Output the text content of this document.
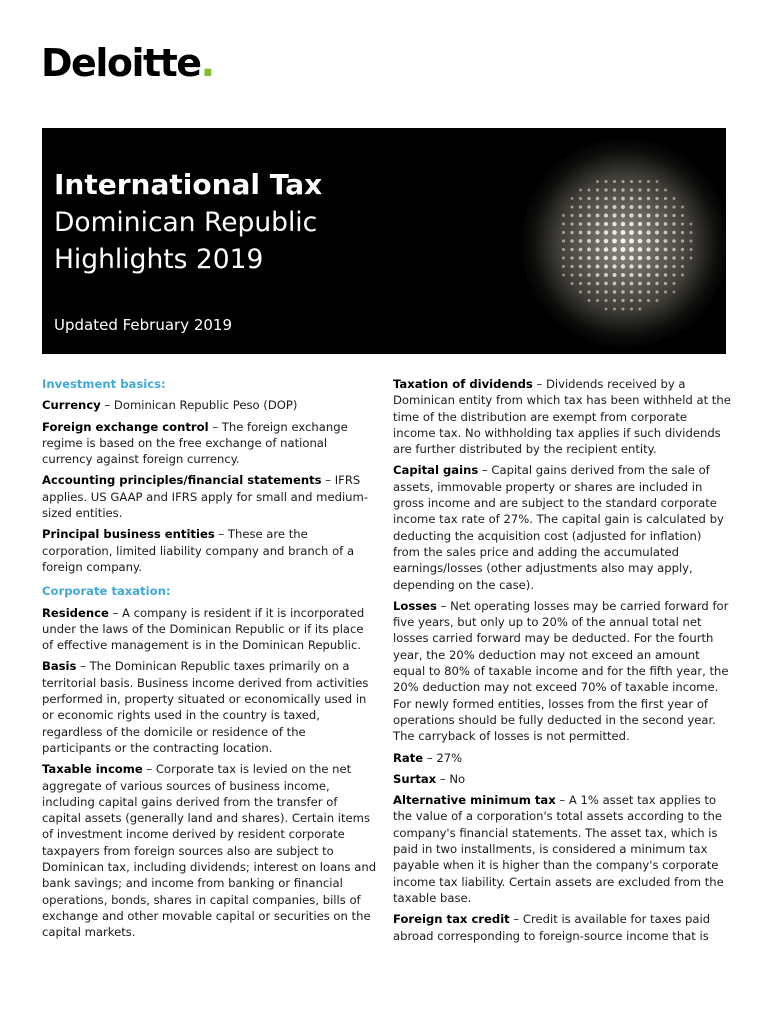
Deloitte.
International Tax
Dominican Republic
Highlights 2019
Updated February 2019

Investment basics:

Currency – Dominican Republic Peso (DOP)

Foreign exchange control – The foreign exchange regime is based on the free exchange of national currency against foreign currency.

Accounting principles/financial statements – IFRS applies. US GAAP and IFRS apply for small and medium-sized entities.

Principal business entities – These are the corporation, limited liability company and branch of a foreign company.

Corporate taxation:

Residence – A company is resident if it is incorporated under the laws of the Dominican Republic or if its place of effective management is in the Dominican Republic.

Basis – The Dominican Republic taxes primarily on a territorial basis. Business income derived from activities performed in, property situated or economically used in or economic rights used in the country is taxed, regardless of the domicile or residence of the participants or the contracting location.

Taxable income – Corporate tax is levied on the net aggregate of various sources of business income, including capital gains derived from the transfer of capital assets (generally land and shares). Certain items of investment income derived by resident corporate taxpayers from foreign sources also are subject to Dominican tax, including dividends; interest on loans and bank savings; and income from banking or financial operations, bonds, shares in capital companies, bills of exchange and other movable capital or securities on the capital markets.

Taxation of dividends – Dividends received by a Dominican entity from which tax has been withheld at the time of the distribution are exempt from corporate income tax. No withholding tax applies if such dividends are further distributed by the recipient entity.

Capital gains – Capital gains derived from the sale of assets, immovable property or shares are included in gross income and are subject to the standard corporate income tax rate of 27%. The capital gain is calculated by deducting the acquisition cost (adjusted for inflation) from the sales price and adding the accumulated earnings/losses (other adjustments also may apply, depending on the case).

Losses – Net operating losses may be carried forward for five years, but only up to 20% of the annual total net losses carried forward may be deducted. For the fourth year, the 20% deduction may not exceed an amount equal to 80% of taxable income and for the fifth year, the 20% deduction may not exceed 70% of taxable income. For newly formed entities, losses from the first year of operations should be fully deducted in the second year. The carryback of losses is not permitted.

Rate – 27%

Surtax – No

Alternative minimum tax – A 1% asset tax applies to the value of a corporation's total assets according to the company's financial statements. The asset tax, which is paid in two installments, is considered a minimum tax payable when it is higher than the company's corporate income tax liability. Certain assets are excluded from the taxable base.

Foreign tax credit – Credit is available for taxes paid abroad corresponding to foreign-source income that is
